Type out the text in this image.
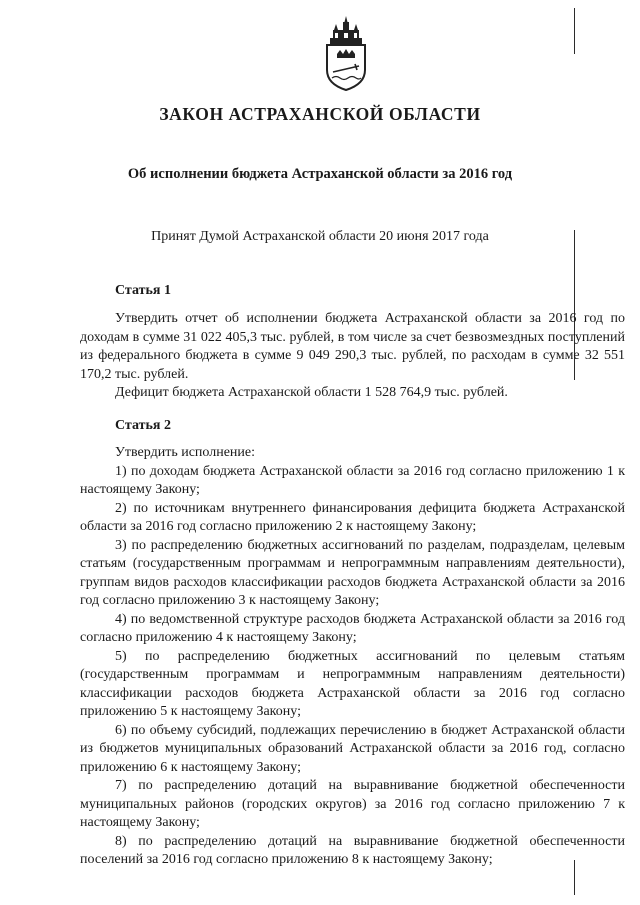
ЗАКОН АСТРАХАНСКОЙ ОБЛАСТИ
Об исполнении бюджета Астраханской области за 2016 год
Принят Думой Астраханской области 20 июня 2017 года
Статья 1

Утвердить отчет об исполнении бюджета Астраханской области за 2016 год по доходам в сумме 31 022 405,3 тыс. рублей, в том числе за счет безвозмездных поступлений из федерального бюджета в сумме 9 049 290,3 тыс. рублей, по расходам в сумме 32 551 170,2 тыс. рублей.

Дефицит бюджета Астраханской области 1 528 764,9 тыс. рублей.

Статья 2

Утвердить исполнение:

1) по доходам бюджета Астраханской области за 2016 год согласно приложению 1 к настоящему Закону;

2) по источникам внутреннего финансирования дефицита бюджета Астраханской области за 2016 год согласно приложению 2 к настоящему Закону;

3) по распределению бюджетных ассигнований по разделам, подразделам, целевым статьям (государственным программам и непрограммным направлениям деятельности), группам видов расходов классификации расходов бюджета Астраханской области за 2016 год согласно приложению 3 к настоящему Закону;

4) по ведомственной структуре расходов бюджета Астраханской области за 2016 год согласно приложению 4 к настоящему Закону;

5) по распределению бюджетных ассигнований по целевым статьям (государственным программам и непрограммным направлениям деятельности) классификации расходов бюджета Астраханской области за 2016 год согласно приложению 5 к настоящему Закону;

6) по объему субсидий, подлежащих перечислению в бюджет Астраханской области из бюджетов муниципальных образований Астраханской области за 2016 год, согласно приложению 6 к настоящему Закону;

7) по распределению дотаций на выравнивание бюджетной обеспеченности муниципальных районов (городских округов) за 2016 год согласно приложению 7 к настоящему Закону;

8) по распределению дотаций на выравнивание бюджетной обеспеченности поселений за 2016 год согласно приложению 8 к настоящему Закону;
